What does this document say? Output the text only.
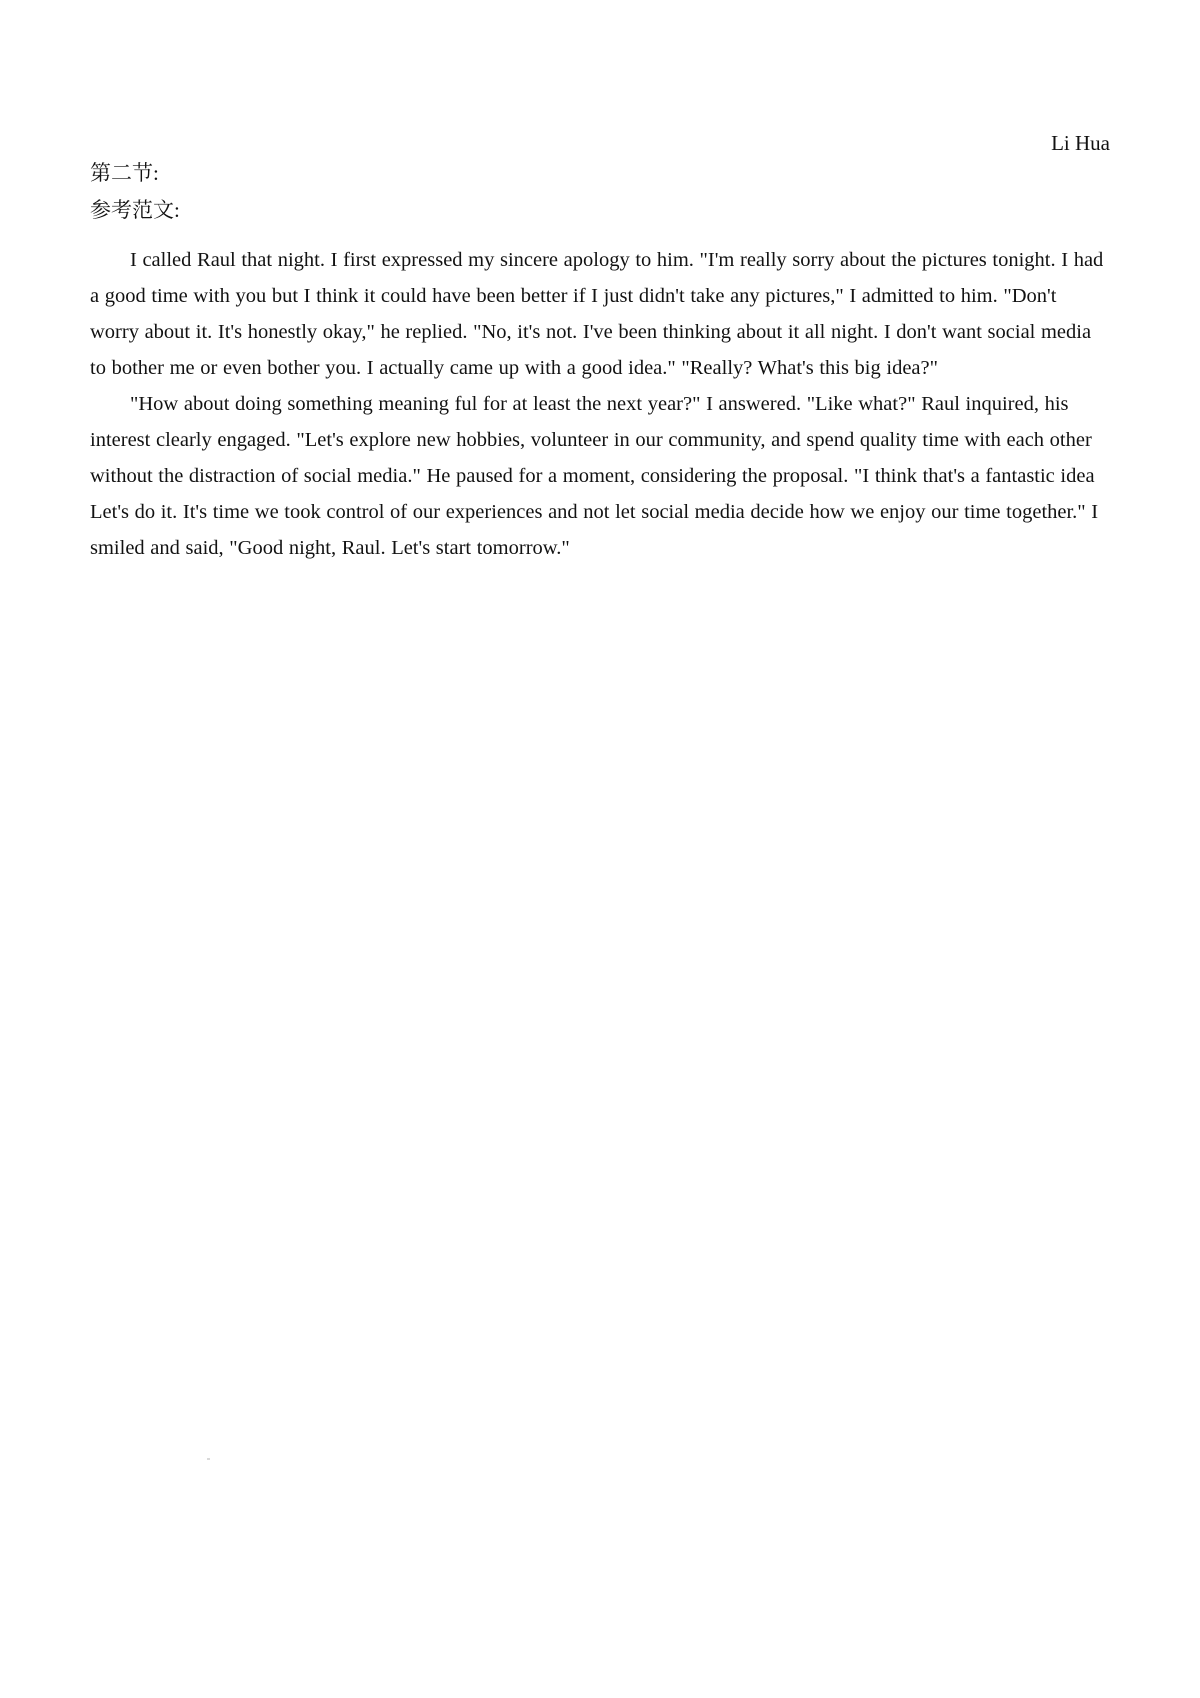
Li Hua
第二节:
参考范文:

I called Raul that night. I first expressed my sincere apology to him. "I'm really sorry about the pictures tonight. I had a good time with you but I think it could have been better if I just didn't take any pictures," I admitted to him. "Don't worry about it. It's honestly okay," he replied. "No, it's not. I've been thinking about it all night. I don't want social media to bother me or even bother you. I actually came up with a good idea." "Really? What's this big idea?"

"How about doing something meaning ful for at least the next year?" I answered. "Like what?" Raul inquired, his interest clearly engaged. "Let's explore new hobbies, volunteer in our community, and spend quality time with each other without the distraction of social media." He paused for a moment, considering the proposal. "I think that's a fantastic idea Let's do it. It's time we took control of our experiences and not let social media decide how we enjoy our time together." I smiled and said, "Good night, Raul. Let's start tomorrow."
